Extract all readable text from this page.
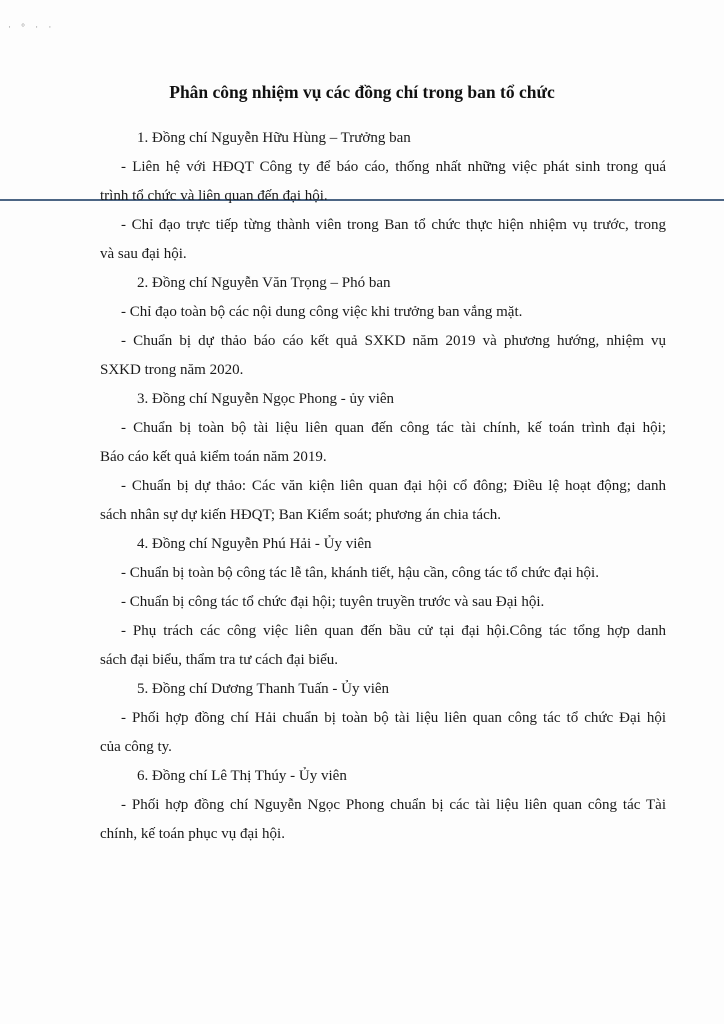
· ° · ·
Phân công nhiệm vụ các đồng chí trong ban tổ chức

1. Đồng chí Nguyễn Hữu Hùng – Trưởng ban

- Liên hệ với HĐQT Công ty để báo cáo, thống nhất những việc phát sinh trong quá

trình tổ chức và liên quan đến đại hội.

- Chỉ đạo trực tiếp từng thành viên trong Ban tổ chức thực hiện nhiệm vụ trước, trong

và sau đại hội.

2. Đồng chí Nguyễn Văn Trọng – Phó ban

- Chỉ đạo toàn bộ các nội dung công việc khi trưởng ban vắng mặt.

- Chuẩn bị dự thảo báo cáo kết quả SXKD năm 2019 và phương hướng, nhiệm vụ

SXKD trong năm 2020.

3. Đồng chí Nguyễn Ngọc Phong - ủy viên

- Chuẩn bị toàn bộ tài liệu liên quan đến công tác tài chính, kế toán trình đại hội;

Báo cáo kết quả kiểm toán năm 2019.

- Chuẩn bị dự thảo: Các văn kiện liên quan đại hội cổ đông; Điều lệ hoạt động; danh

sách nhân sự dự kiến HĐQT; Ban Kiểm soát; phương án chia tách.

4. Đồng chí Nguyễn Phú Hải - Ủy viên

- Chuẩn bị toàn bộ công tác lễ tân, khánh tiết, hậu cần, công tác tổ chức đại hội.

- Chuẩn bị công tác tổ chức đại hội; tuyên truyền trước và sau Đại hội.

- Phụ trách các công việc liên quan đến bầu cử tại đại hội.Công tác tổng hợp danh

sách đại biểu, thẩm tra tư cách đại biểu.

5. Đồng chí Dương Thanh Tuấn - Ủy viên

- Phối hợp đồng chí Hải chuẩn bị toàn bộ tài liệu liên quan công tác tổ chức Đại hội

của công ty.

6. Đồng chí Lê Thị Thúy - Ủy viên

- Phối hợp đồng chí Nguyễn Ngọc Phong chuẩn bị các tài liệu liên quan công tác Tài

chính, kế toán phục vụ đại hội.
